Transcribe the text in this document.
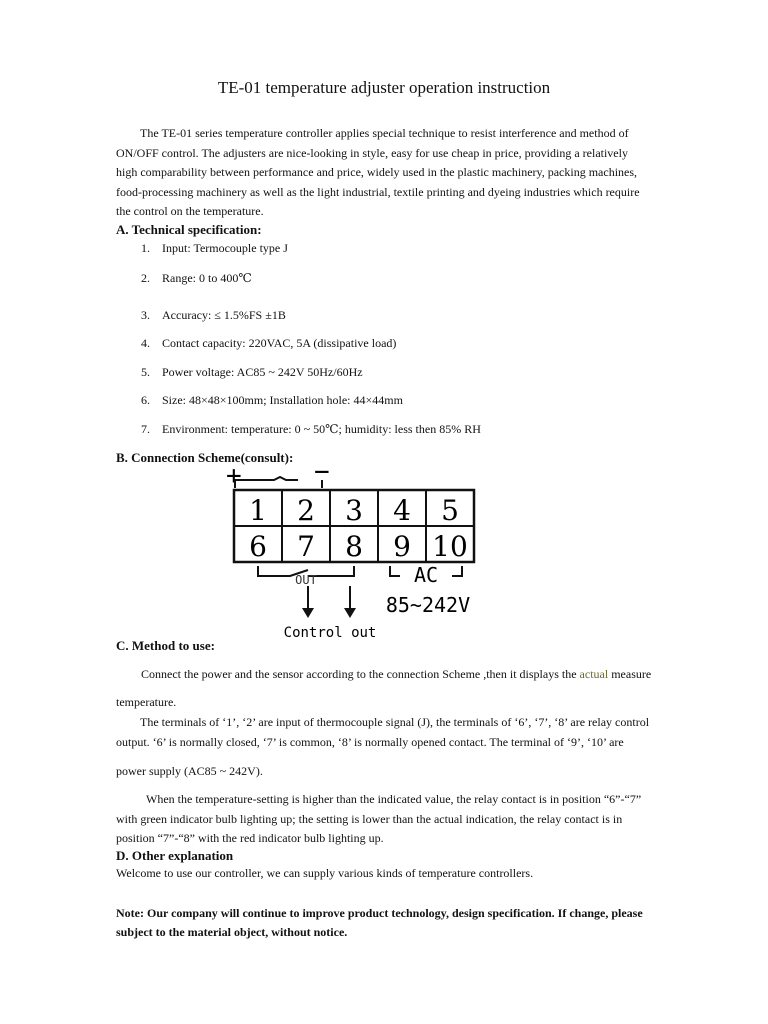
TE-01 temperature adjuster operation instruction
The TE-01 series temperature controller applies special technique to resist interference and method of
ON/OFF control. The adjusters are nice-looking in style, easy for use cheap in price, providing a relatively
high comparability between performance and price, widely used in the plastic machinery, packing machines,
food-processing machinery as well as the light industrial, textile printing and dyeing industries which require
the control on the temperature.
A. Technical specification:
1. Input: Termocouple type J
2. Range: 0 to 400℃
3. Accuracy: ≤ 1.5%FS ±1B
4. Contact capacity: 220VAC, 5A (dissipative load)
5. Power voltage: AC85 ~ 242V 50Hz/60Hz
6. Size: 48×48×100mm; Installation hole: 44×44mm
7. Environment: temperature: 0 ~ 50℃; humidity: less then 85% RH
B. Connection Scheme(consult):
+	−
1 2 3 4 5
6 7 8 9 10
OUT	AC
85~242V
Control out
C. Method to use:
Connect the power and the sensor according to the connection Scheme ,then it displays the actual measure
temperature.
The terminals of ‘1’, ‘2’ are input of thermocouple signal (J), the terminals of ‘6’, ‘7’, ‘8’ are relay control
output. ‘6’ is normally closed, ‘7’ is common, ‘8’ is normally opened contact. The terminal of ‘9’, ‘10’ are
power supply (AC85 ~ 242V).
When the temperature-setting is higher than the indicated value, the relay contact is in position “6”-“7”
with green indicator bulb lighting up; the setting is lower than the actual indication, the relay contact is in
position “7”-“8” with the red indicator bulb lighting up.
D. Other explanation
Welcome to use our controller, we can supply various kinds of temperature controllers.
Note: Our company will continue to improve product technology, design specification. If change, please
subject to the material object, without notice.
